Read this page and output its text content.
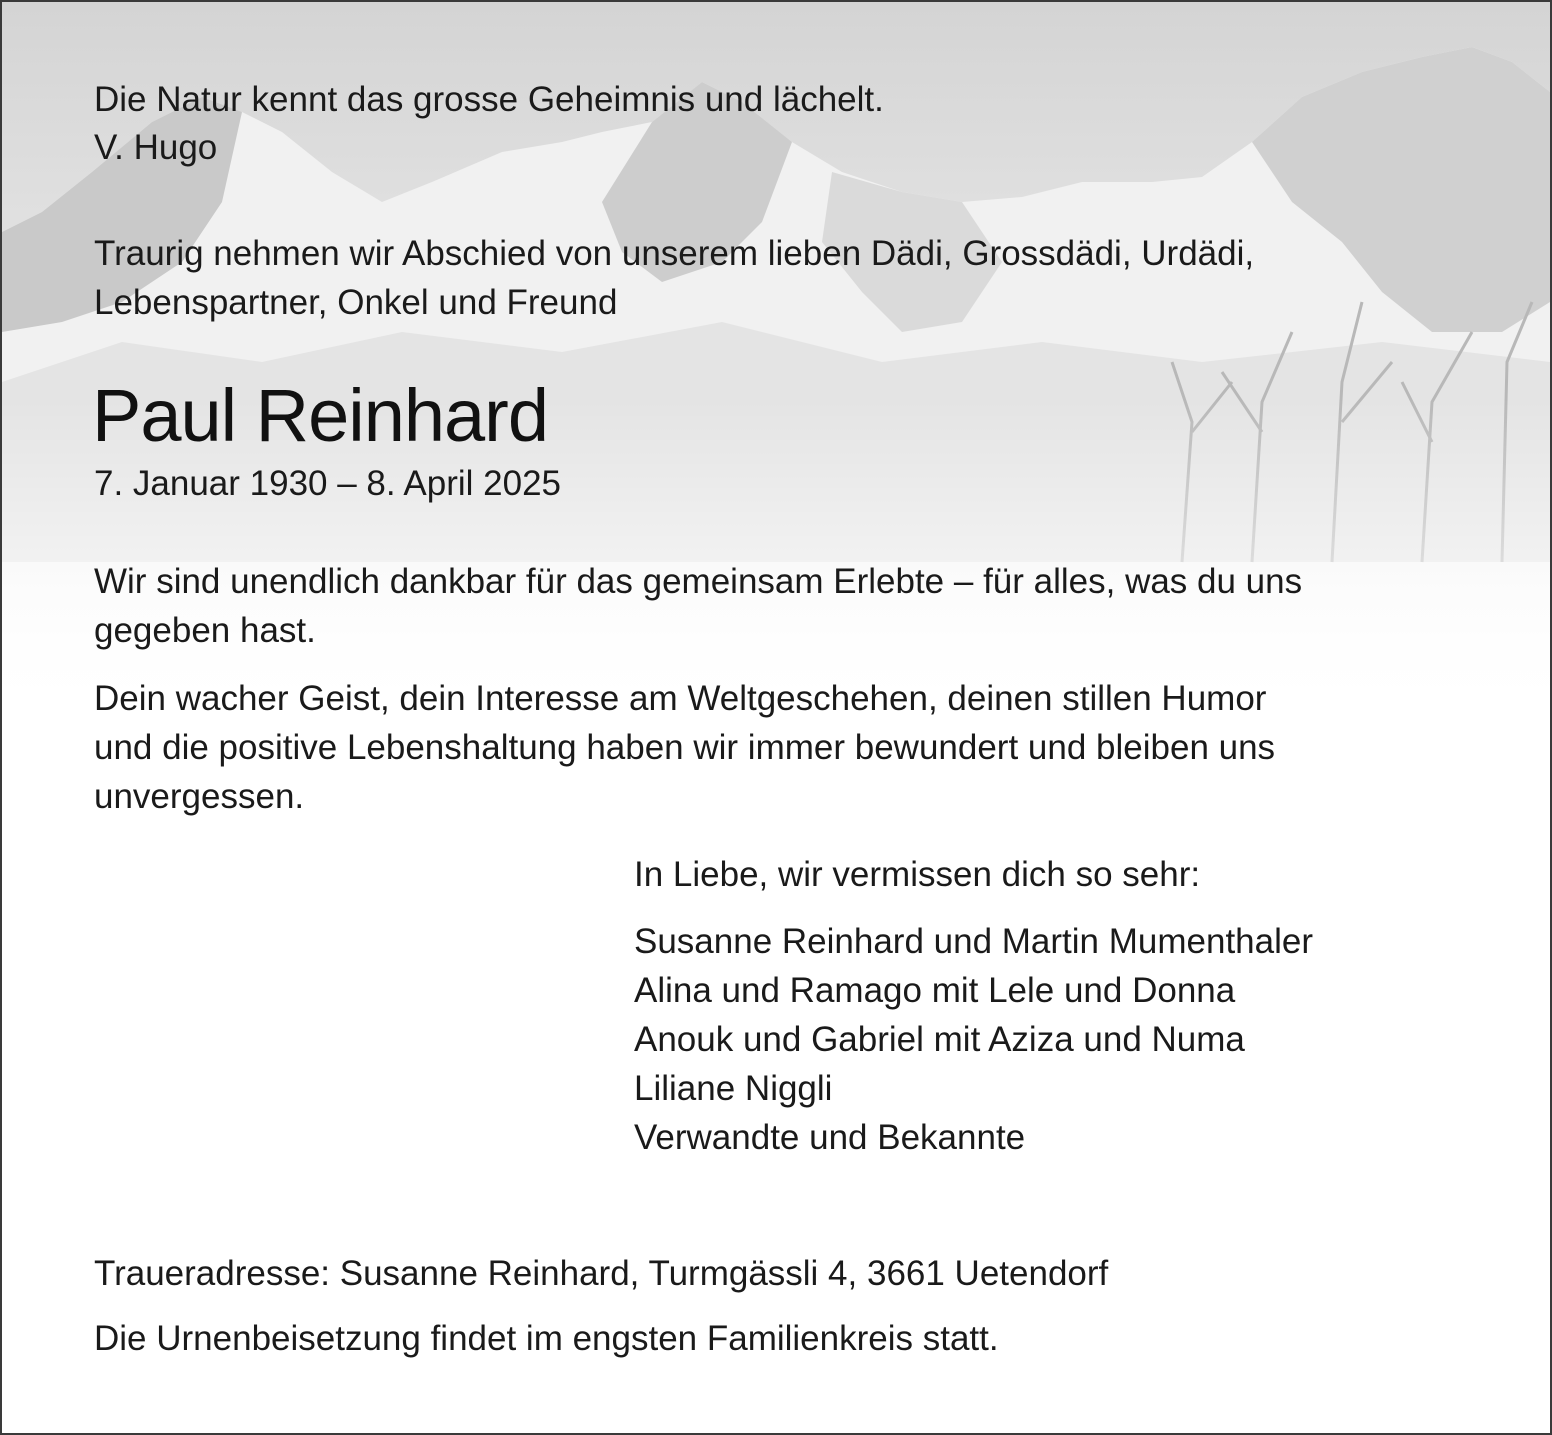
Die Natur kennt das grosse Geheimnis und lächelt.
V. Hugo
Traurig nehmen wir Abschied von unserem lieben Dädi, Grossdädi, Urdädi,
Lebenspartner, Onkel und Freund
Paul Reinhard
7. Januar 1930 – 8. April 2025
Wir sind unendlich dankbar für das gemeinsam Erlebte – für alles, was du uns
gegeben hast.
Dein wacher Geist, dein Interesse am Weltgeschehen, deinen stillen Humor
und die positive Lebenshaltung haben wir immer bewundert und bleiben uns
unvergessen.
In Liebe, wir vermissen dich so sehr:
Susanne Reinhard und Martin Mumenthaler
Alina und Ramago mit Lele und Donna
Anouk und Gabriel mit Aziza und Numa
Liliane Niggli
Verwandte und Bekannte
Traueradresse: Susanne Reinhard, Turmgässli 4, 3661 Uetendorf
Die Urnenbeisetzung findet im engsten Familienkreis statt.
